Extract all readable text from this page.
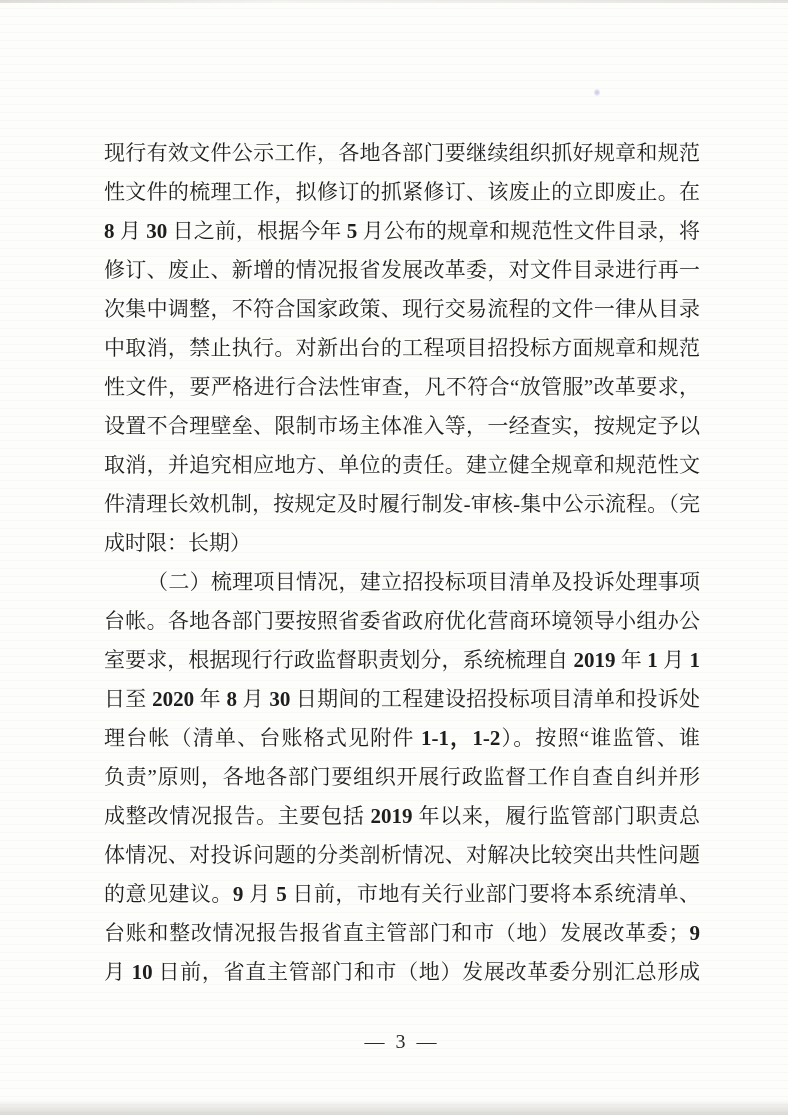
现行有效文件公示工作，各地各部门要继续组织抓好规章和规范
性文件的梳理工作，拟修订的抓紧修订、该废止的立即废止。在
8 月 30 日之前，根据今年 5 月公布的规章和规范性文件目录，将
修订、废止、新增的情况报省发展改革委，对文件目录进行再一
次集中调整，不符合国家政策、现行交易流程的文件一律从目录
中取消，禁止执行。对新出台的工程项目招投标方面规章和规范
性文件，要严格进行合法性审查，凡不符合“放管服”改革要求，
设置不合理壁垒、限制市场主体准入等，一经查实，按规定予以
取消，并追究相应地方、单位的责任。建立健全规章和规范性文
件清理长效机制，按规定及时履行制发-审核-集中公示流程。（完
成时限：长期）
（二）梳理项目情况，建立招投标项目清单及投诉处理事项
台帐。各地各部门要按照省委省政府优化营商环境领导小组办公
室要求，根据现行行政监督职责划分，系统梳理自 2019 年 1 月 1
日至 2020 年 8 月 30 日期间的工程建设招投标项目清单和投诉处
理台帐（清单、台账格式见附件 1-1，1-2）。按照“谁监管、谁
负责”原则，各地各部门要组织开展行政监督工作自查自纠并形
成整改情况报告。主要包括 2019 年以来，履行监管部门职责总
体情况、对投诉问题的分类剖析情况、对解决比较突出共性问题
的意见建议。9 月 5 日前，市地有关行业部门要将本系统清单、
台账和整改情况报告报省直主管部门和市（地）发展改革委；9
月 10 日前，省直主管部门和市（地）发展改革委分别汇总形成
— 3 —
